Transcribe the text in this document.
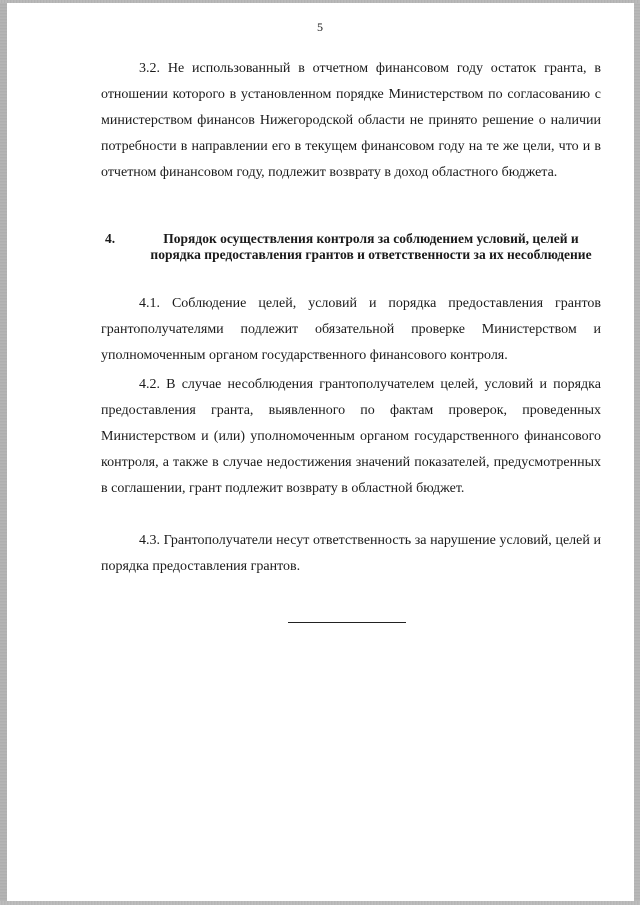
5

3.2. Не использованный в отчетном финансовом году остаток гранта, в отношении которого в установленном порядке Министерством по согласованию с министерством финансов Нижегородской области не принято решение о наличии потребности в направлении его в текущем финансовом году на те же цели, что и в отчетном финансовом году, подлежит возврату в доход областного бюджета.

4.	Порядок осуществления контроля за соблюдением условий, целей и порядка предоставления грантов и ответственности за их несоблюдение

4.1. Соблюдение целей, условий и порядка предоставления грантов грантополучателями подлежит обязательной проверке Министерством и уполномоченным органом государственного финансового контроля.

4.2. В случае несоблюдения грантополучателем целей, условий и порядка предоставления гранта, выявленного по фактам проверок, проведенных Министерством и (или) уполномоченным органом государственного финансового контроля, а также в случае недостижения значений показателей, предусмотренных в соглашении, грант подлежит возврату в областной бюджет.

4.3. Грантополучатели несут ответственность за нарушение условий, целей и порядка предоставления грантов.
